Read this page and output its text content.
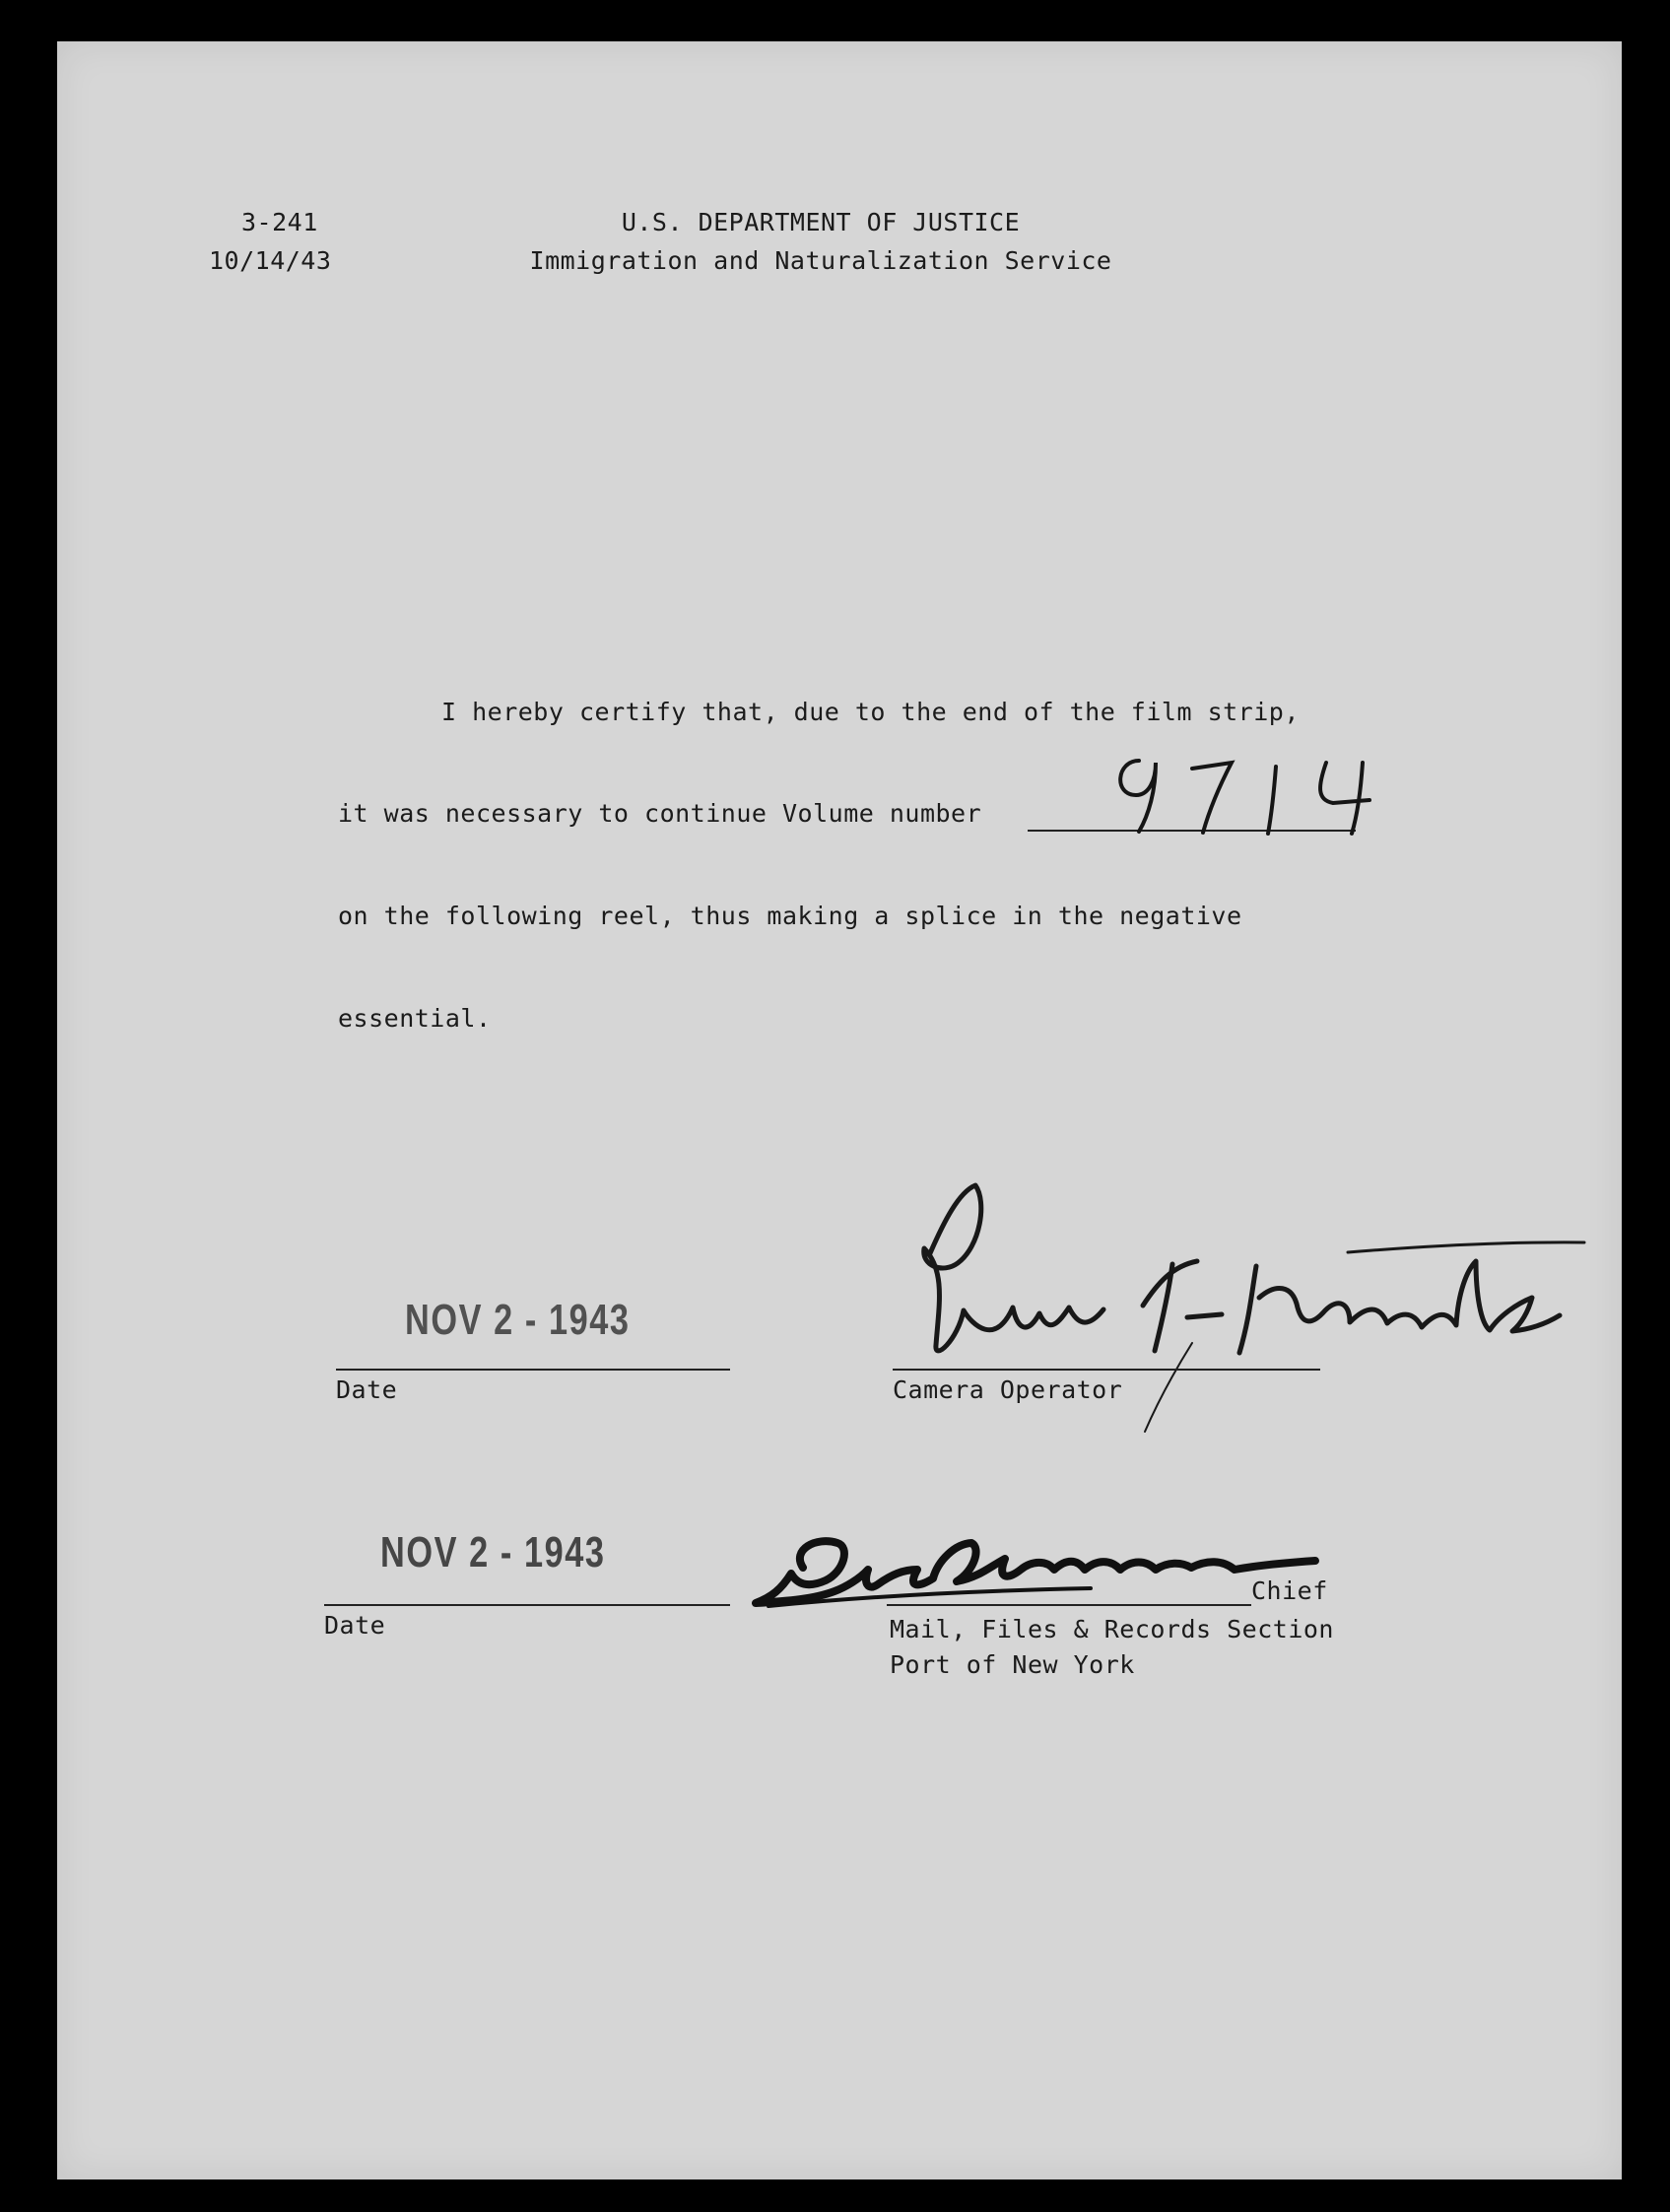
3-241
10/14/43
U.S. DEPARTMENT OF JUSTICE
Immigration and Naturalization Service
I hereby certify that, due to the end of the film strip,
it was necessary to continue Volume number
on the following reel, thus making a splice in the negative
essential.
NOV 2 - 1943
Date	Camera Operator
NOV 2 - 1943
Date
Chief
Mail, Files & Records Section
Port of New York
